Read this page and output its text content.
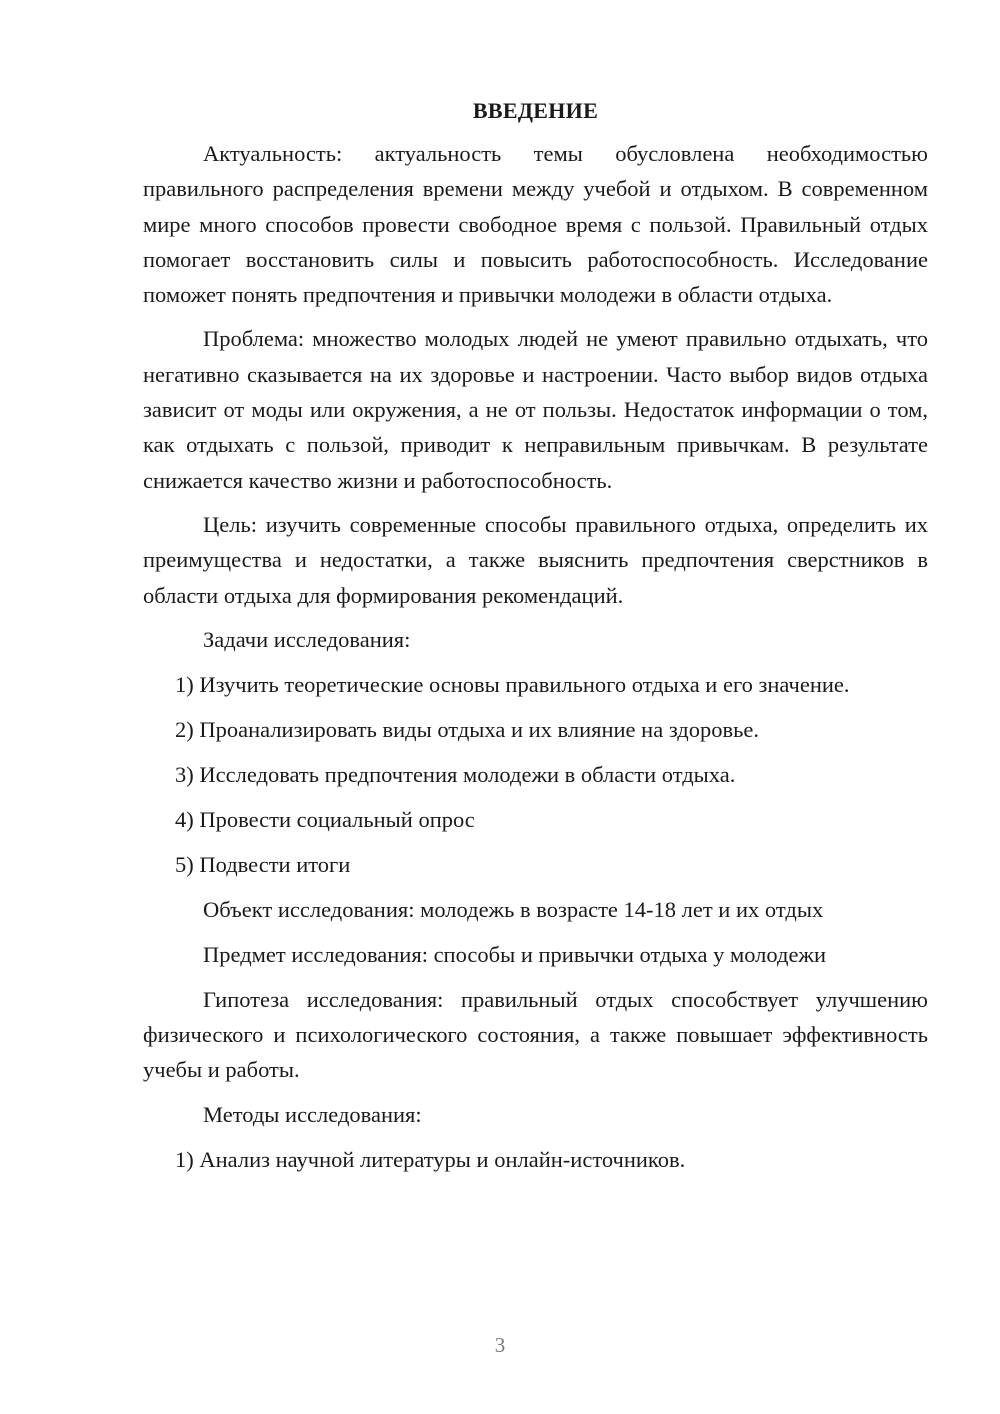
ВВЕДЕНИЕ

Актуальность: актуальность темы обусловлена необходимостью правильного распределения времени между учебой и отдыхом. В современном мире много способов провести свободное время с пользой. Правильный отдых помогает восстановить силы и повысить работоспособность. Исследование поможет понять предпочтения и привычки молодежи в области отдыха.

Проблема: множество молодых людей не умеют правильно отдыхать, что негативно сказывается на их здоровье и настроении. Часто выбор видов отдыха зависит от моды или окружения, а не от пользы. Недостаток информации о том, как отдыхать с пользой, приводит к неправильным привычкам. В результате снижается качество жизни и работоспособность.

Цель: изучить современные способы правильного отдыха, определить их преимущества и недостатки, а также выяснить предпочтения сверстников в области отдыха для формирования рекомендаций.

Задачи исследования:
1) Изучить теоретические основы правильного отдыха и его значение.
2) Проанализировать виды отдыха и их влияние на здоровье.
3) Исследовать предпочтения молодежи в области отдыха.
4) Провести социальный опрос
5) Подвести итоги
Объект исследования: молодежь в возрасте 14-18 лет и их отдых
Предмет исследования: способы и привычки отдыха у молодежи

Гипотеза исследования: правильный отдых способствует улучшению физического и психологического состояния, а также повышает эффективность учебы и работы.

Методы исследования:
1) Анализ научной литературы и онлайн-источников.
3
